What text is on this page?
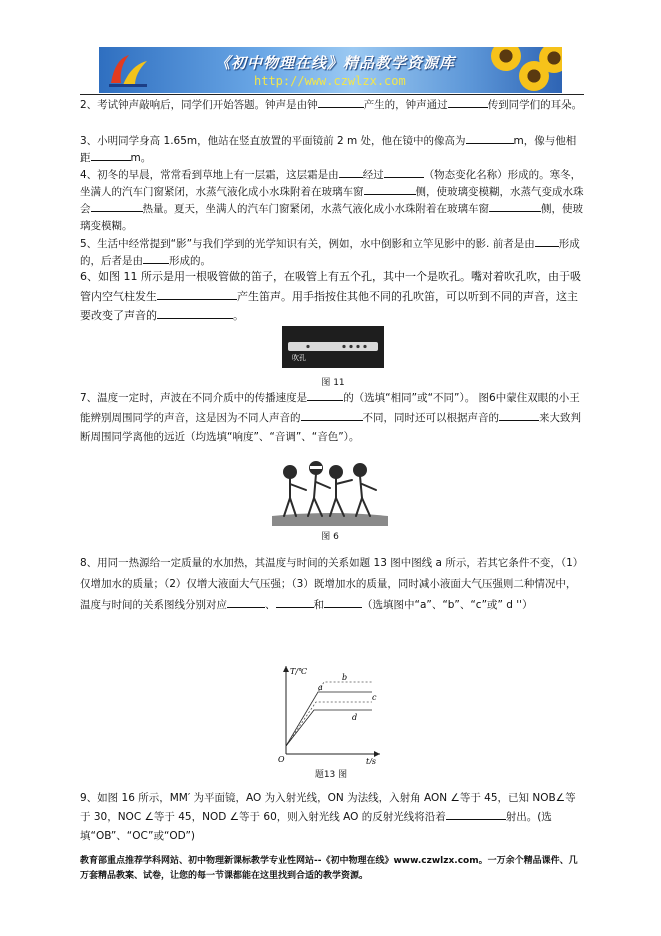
《初中物理在线》精品教学资源库
http://www.czwlzx.com
2、考试钟声敲响后，同学们开始答题。钟声是由钟	产生的，钟声通过	传到同学们的耳朵。
3、小明同学身高 1.65m，他站在竖直放置的平面镜前 2 m 处，他在镜中的像高为	m，像与他相距	m。
4、初冬的早晨，常常看到草地上有一层霜，这层霜是由 经过	（物态变化名称）形成的。寒冬，坐满人的汽车门窗紧闭，水蒸气液化成小水珠附着在玻璃车窗	侧，使玻璃变模糊，水蒸气变成水珠会	热量。夏天，坐满人的汽车门窗紧闭，水蒸气液化成小水珠附着在玻璃车窗	侧，使玻璃变模糊。
5、生活中经常提到“影”与我们学到的光学知识有关，例如，水中倒影和立竿见影中的影. 前者是由 形成的，后者是由 形成的。
6、如图 11 所示是用一根吸管做的笛子，在吸管上有五个孔，其中一个是吹孔。嘴对着吹孔吹，由于吸管内空气柱发生	产生笛声。用手指按住其他不同的孔吹笛，可以听到不同的声音，这主要改变了声音的	。
吹孔
图 11
7、温度一定时，声波在不同介质中的传播速度是	的（选填“相同”或“不同”）。 图6中蒙住双眼的小王能辨别周围同学的声音，这是因为不同人声音的	不同，同时还可以根据声音的	来大致判断周围同学离他的远近（均选填“响度”、“音调”、“音色”）。
图 6
8、用同一热源给一定质量的水加热，其温度与时间的关系如题 13 图中图线 a 所示，若其它条件不变，（1）仅增加水的质量；（2）仅增大液面大气压强；（3）既增加水的质量，同时减小液面大气压强则二种情况中，温度与时间的关系图线分别对应	、	和	（选填图中“a”、“b”、“c”或” d ''）
T/℃
t/s
O
a
b
c
d
题13 图
9、如图 16 所示，MM′ 为平面镜，AO 为入射光线，ON 为法线，入射角 AON ∠等于 45，已知 NOB∠等于 30，NOC ∠等于 45，NOD ∠等于 60，则入射光线 AO 的反射光线将沿着	射出。(选填“OB”、“OC”或“OD”)
教育部重点推荐学科网站、初中物理新课标教学专业性网站--《初中物理在线》www.czwlzx.com。一万余个精品课件、几万套精品教案、试卷，让您的每一节课都能在这里找到合适的教学资源。
